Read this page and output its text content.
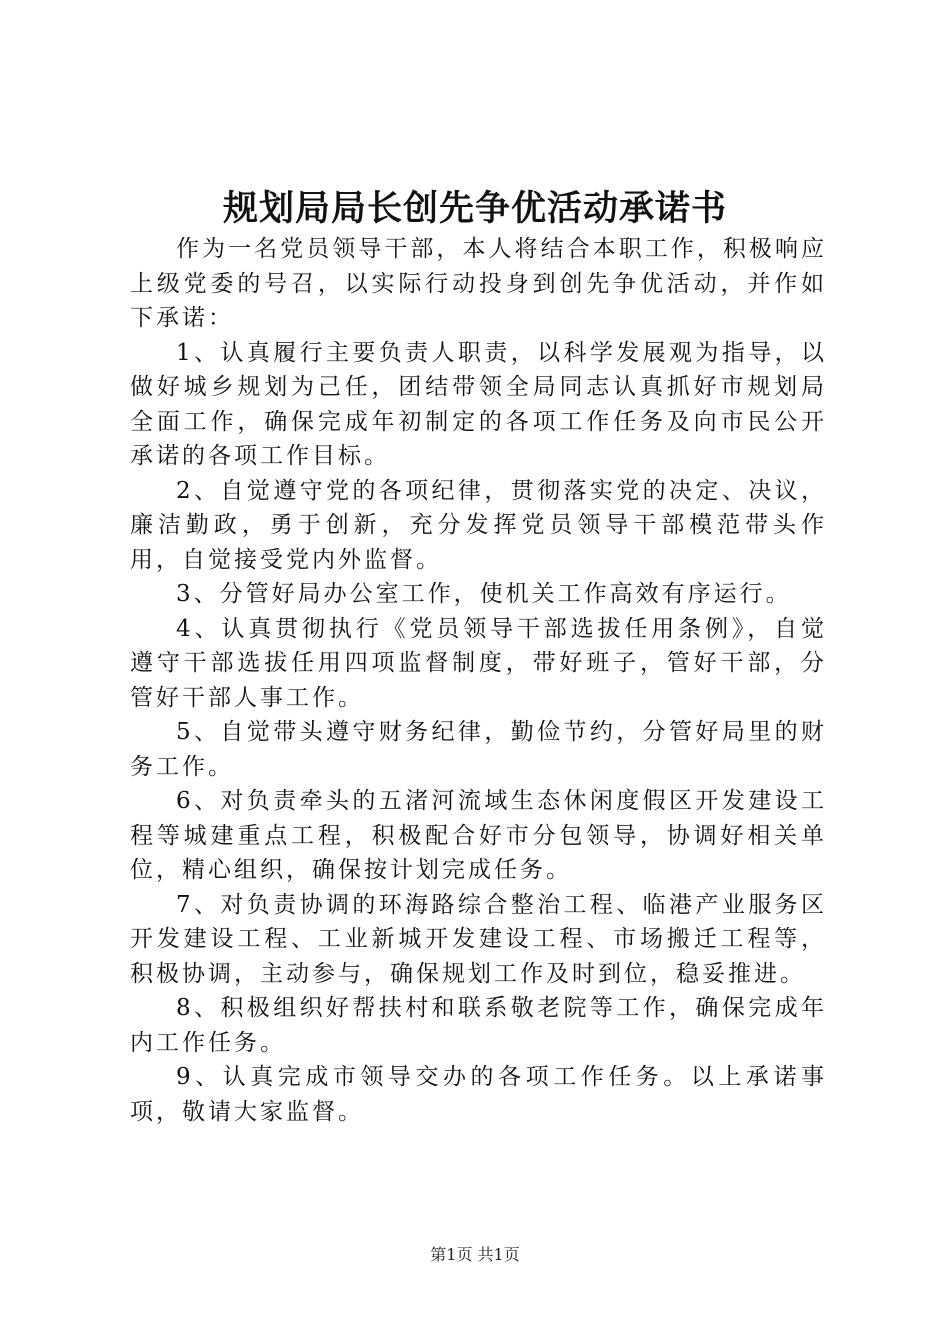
规划局局长创先争优活动承诺书

作为一名党员领导干部，本人将结合本职工作，积极响应上级党委的号召，以实际行动投身到创先争优活动，并作如下承诺：

1、认真履行主要负责人职责，以科学发展观为指导，以做好城乡规划为己任，团结带领全局同志认真抓好市规划局全面工作，确保完成年初制定的各项工作任务及向市民公开承诺的各项工作目标。

2、自觉遵守党的各项纪律，贯彻落实党的决定、决议，廉洁勤政，勇于创新，充分发挥党员领导干部模范带头作用，自觉接受党内外监督。

3、分管好局办公室工作，使机关工作高效有序运行。

4、认真贯彻执行《党员领导干部选拔任用条例》，自觉遵守干部选拔任用四项监督制度，带好班子，管好干部，分管好干部人事工作。

5、自觉带头遵守财务纪律，勤俭节约，分管好局里的财务工作。

6、对负责牵头的五渚河流域生态休闲度假区开发建设工程等城建重点工程，积极配合好市分包领导，协调好相关单位，精心组织，确保按计划完成任务。

7、对负责协调的环海路综合整治工程、临港产业服务区开发建设工程、工业新城开发建设工程、市场搬迁工程等，积极协调，主动参与，确保规划工作及时到位，稳妥推进。

8、积极组织好帮扶村和联系敬老院等工作，确保完成年内工作任务。

9、认真完成市领导交办的各项工作任务。以上承诺事项，敬请大家监督。

第1页 共1页
